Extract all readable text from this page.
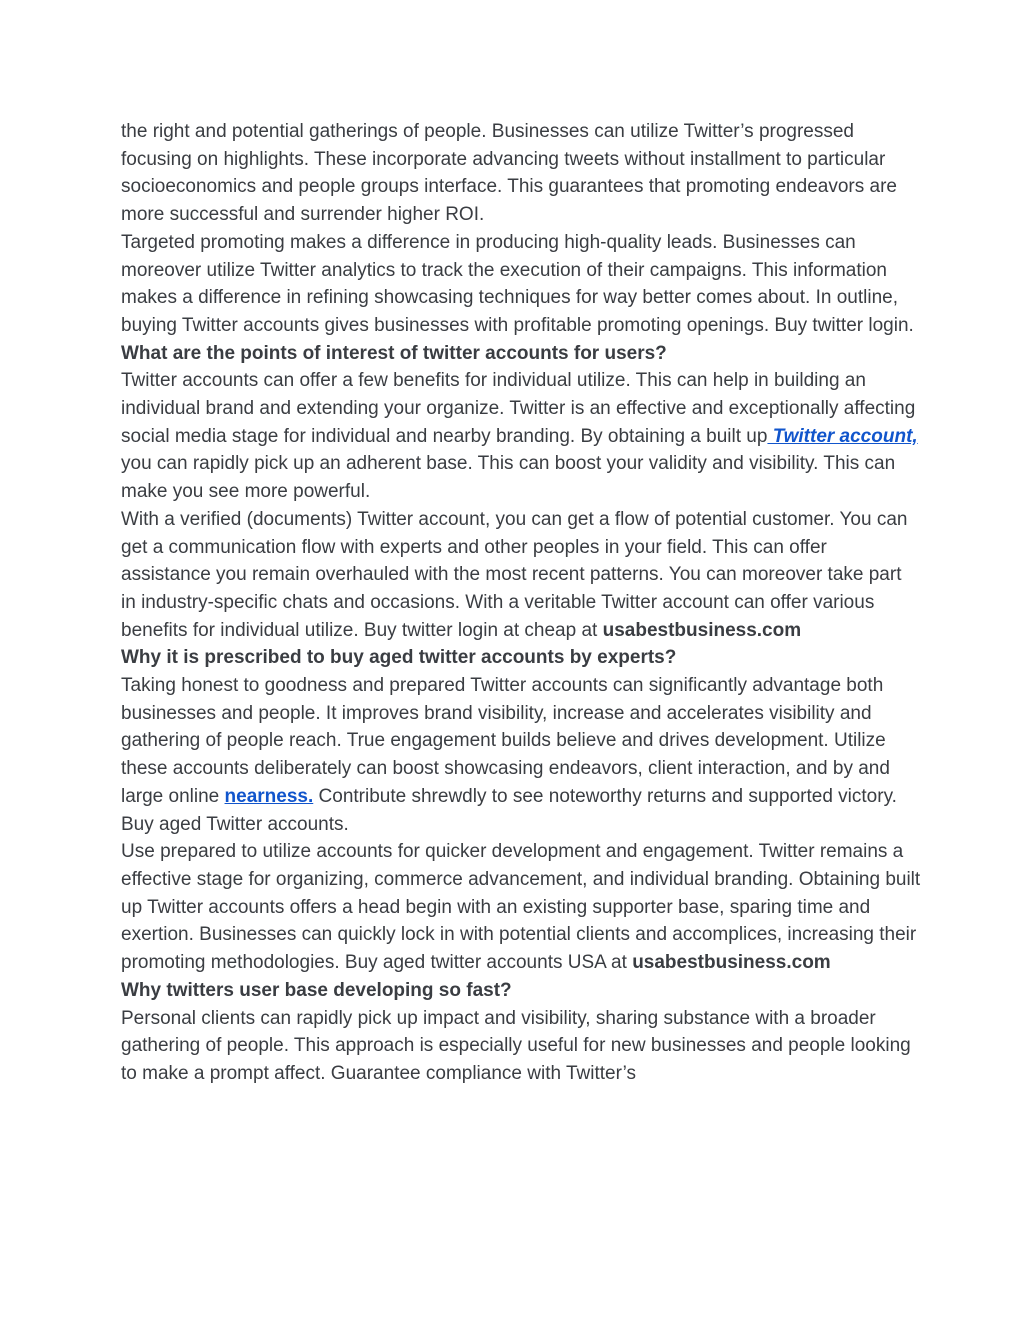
the right and potential gatherings of people. Businesses can utilize Twitter’s progressed focusing on highlights. These incorporate advancing tweets without installment to particular socioeconomics and people groups interface. This guarantees that promoting endeavors are more successful and surrender higher ROI.

Targeted promoting makes a difference in producing high-quality leads. Businesses can moreover utilize Twitter analytics to track the execution of their campaigns. This information makes a difference in refining showcasing techniques for way better comes about. In outline, buying Twitter accounts gives businesses with profitable promoting openings. Buy twitter login.

What are the points of interest of twitter accounts for users?

Twitter accounts can offer a few benefits for individual utilize. This can help in building an individual brand and extending your organize. Twitter is an effective and exceptionally affecting social media stage for individual and nearby branding. By obtaining a built up Twitter account, you can rapidly pick up an adherent base. This can boost your validity and visibility. This can make you see more powerful.

With a verified (documents) Twitter account, you can get a flow of potential customer. You can get a communication flow with experts and other peoples in your field. This can offer assistance you remain overhauled with the most recent patterns. You can moreover take part in industry-specific chats and occasions. With a veritable Twitter account can offer various benefits for individual utilize. Buy twitter login at cheap at usabestbusiness.com

Why it is prescribed to buy aged twitter accounts by experts?

Taking honest to goodness and prepared Twitter accounts can significantly advantage both businesses and people. It improves brand visibility, increase and accelerates visibility and gathering of people reach. True engagement builds believe and drives development. Utilize these accounts deliberately can boost showcasing endeavors, client interaction, and by and large online nearness. Contribute shrewdly to see noteworthy returns and supported victory. Buy aged Twitter accounts.

Use prepared to utilize accounts for quicker development and engagement. Twitter remains a effective stage for organizing, commerce advancement, and individual branding. Obtaining built up Twitter accounts offers a head begin with an existing supporter base, sparing time and exertion. Businesses can quickly lock in with potential clients and accomplices, increasing their promoting methodologies. Buy aged twitter accounts USA at usabestbusiness.com

Why twitters user base developing so fast?

Personal clients can rapidly pick up impact and visibility, sharing substance with a broader gathering of people. This approach is especially useful for new businesses and people looking to make a prompt affect. Guarantee compliance with Twitter’s
